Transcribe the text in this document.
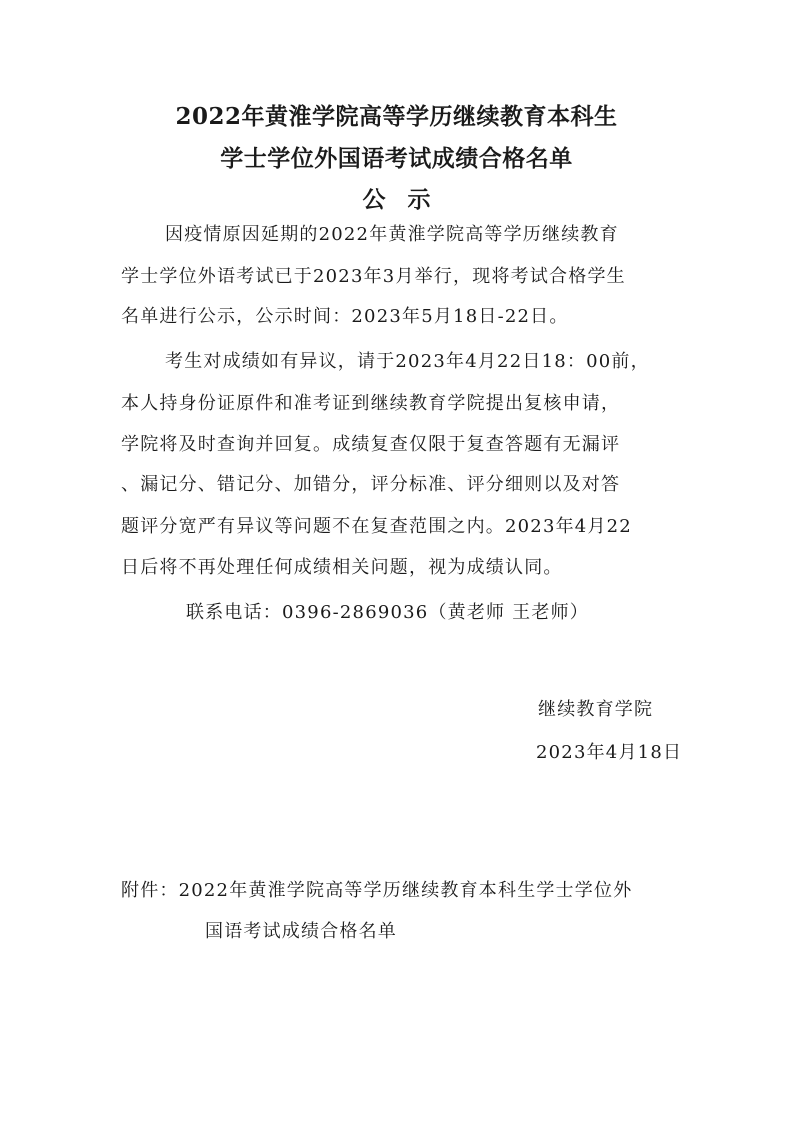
2022年黄淮学院高等学历继续教育本科生
学士学位外国语考试成绩合格名单
公示
因疫情原因延期的2022年黄淮学院高等学历继续教育
学士学位外语考试已于2023年3月举行，现将考试合格学生
名单进行公示，公示时间：2023年5月18日-22日。
考生对成绩如有异议，请于2023年4月22日18：00前，
本人持身份证原件和准考证到继续教育学院提出复核申请，
学院将及时查询并回复。成绩复查仅限于复查答题有无漏评
、漏记分、错记分、加错分，评分标准、评分细则以及对答
题评分宽严有异议等问题不在复查范围之内。2023年4月22
日后将不再处理任何成绩相关问题，视为成绩认同。
联系电话：0396-2869036（黄老师 王老师）
继续教育学院
2023年4月18日
附件：2022年黄淮学院高等学历继续教育本科生学士学位外
国语考试成绩合格名单
